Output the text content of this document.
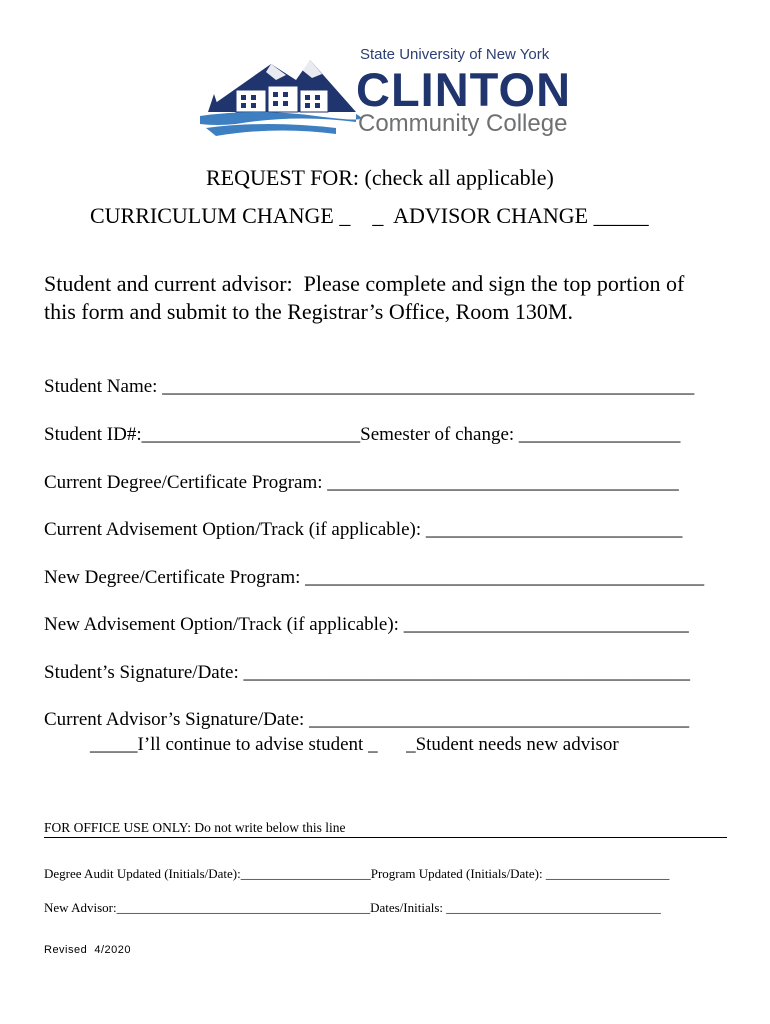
State University of New York
CLINTON
Community College
REQUEST FOR: (check all applicable)
CURRICULUM CHANGE _    _  ADVISOR CHANGE _____
Student and current advisor:  Please complete and sign the top portion of
this form and submit to the Registrar’s Office, Room 130M.
Student Name: ________________________________________________________
Student ID#:_______________________Semester of change: _________________
Current Degree/Certificate Program: _____________________________________
Current Advisement Option/Track (if applicable): ___________________________
New Degree/Certificate Program: __________________________________________
New Advisement Option/Track (if applicable): ______________________________
Student’s Signature/Date: _______________________________________________
Current Advisor’s Signature/Date: ________________________________________
_____I’ll continue to advise student _      _Student needs new advisor
FOR OFFICE USE ONLY: Do not write below this line
Degree Audit Updated (Initials/Date):____________________Program Updated (Initials/Date): ___________________
New Advisor:_______________________________________Dates/Initials: _________________________________
Revised  4/2020
